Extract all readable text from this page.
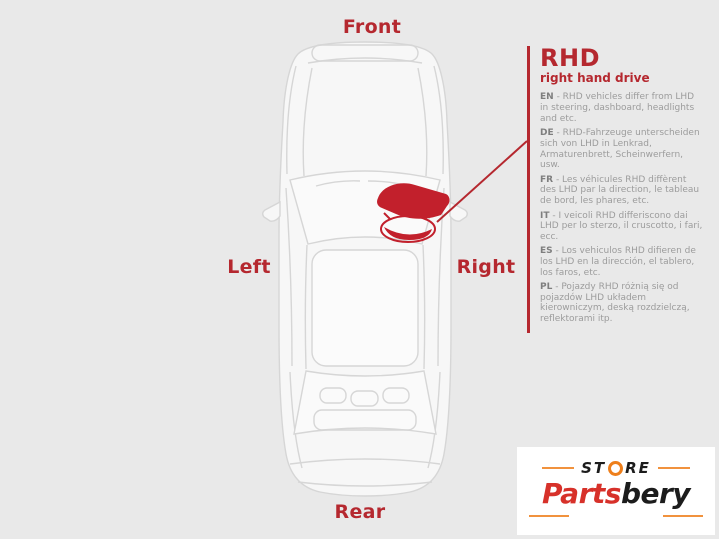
Front
Left	Right
Rear
RHD
right hand drive

EN - RHD vehicles differ from LHD in steering, dashboard, headlights and etc.

DE - RHD-Fahrzeuge unterscheiden sich von LHD in Lenkrad, Armaturenbrett, Scheinwerfern, usw.

FR - Les véhicules RHD diffèrent des LHD par la direction, le tableau de bord, les phares, etc.

IT - I veicoli RHD differiscono dai LHD per lo sterzo, il cruscotto, i fari, ecc.

ES - Los vehiculos RHD difieren de los LHD en la dirección, el tablero, los faros, etc.

PL - Pojazdy RHD różnią się od pojazdów LHD układem kierowniczym, deską rozdzielczą, reflektorami itp.

ST RE
Partsbery
